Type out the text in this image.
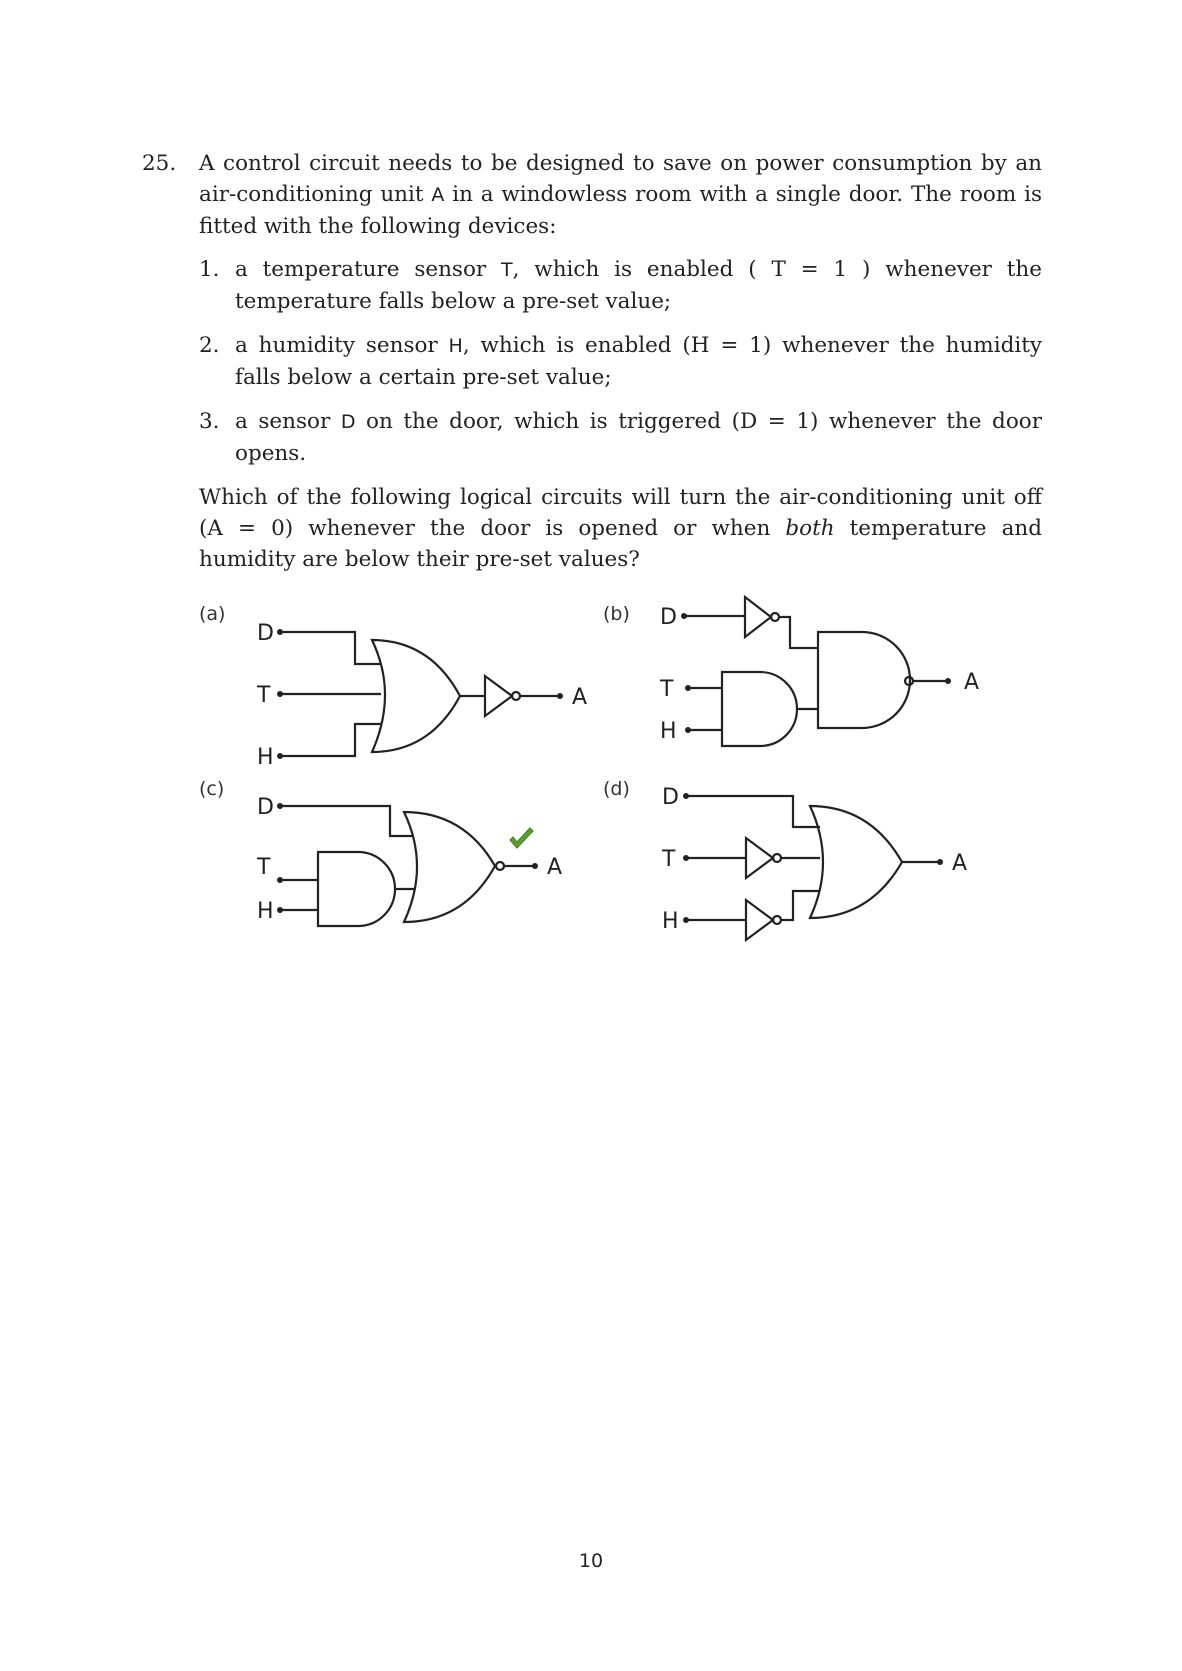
25. A control circuit needs to be designed to save on power consumption by an air-conditioning unit A in a windowless room with a single door. The room is fitted with the following devices:

1. a temperature sensor T, which is enabled ( T = 1 ) whenever the temperature falls below a pre-set value;
2. a humidity sensor H, which is enabled (H = 1) whenever the humidity falls below a certain pre-set value;
3. a sensor D on the door, which is triggered (D = 1) whenever the door opens.

Which of the following logical circuits will turn the air-conditioning unit off (A = 0) whenever the door is opened or when both temperature and humidity are below their pre-set values?

(a)
D
T
H
A
(b) D
T
H
A
(c)
D
T
H
A
(d) D
T
H
A
10
